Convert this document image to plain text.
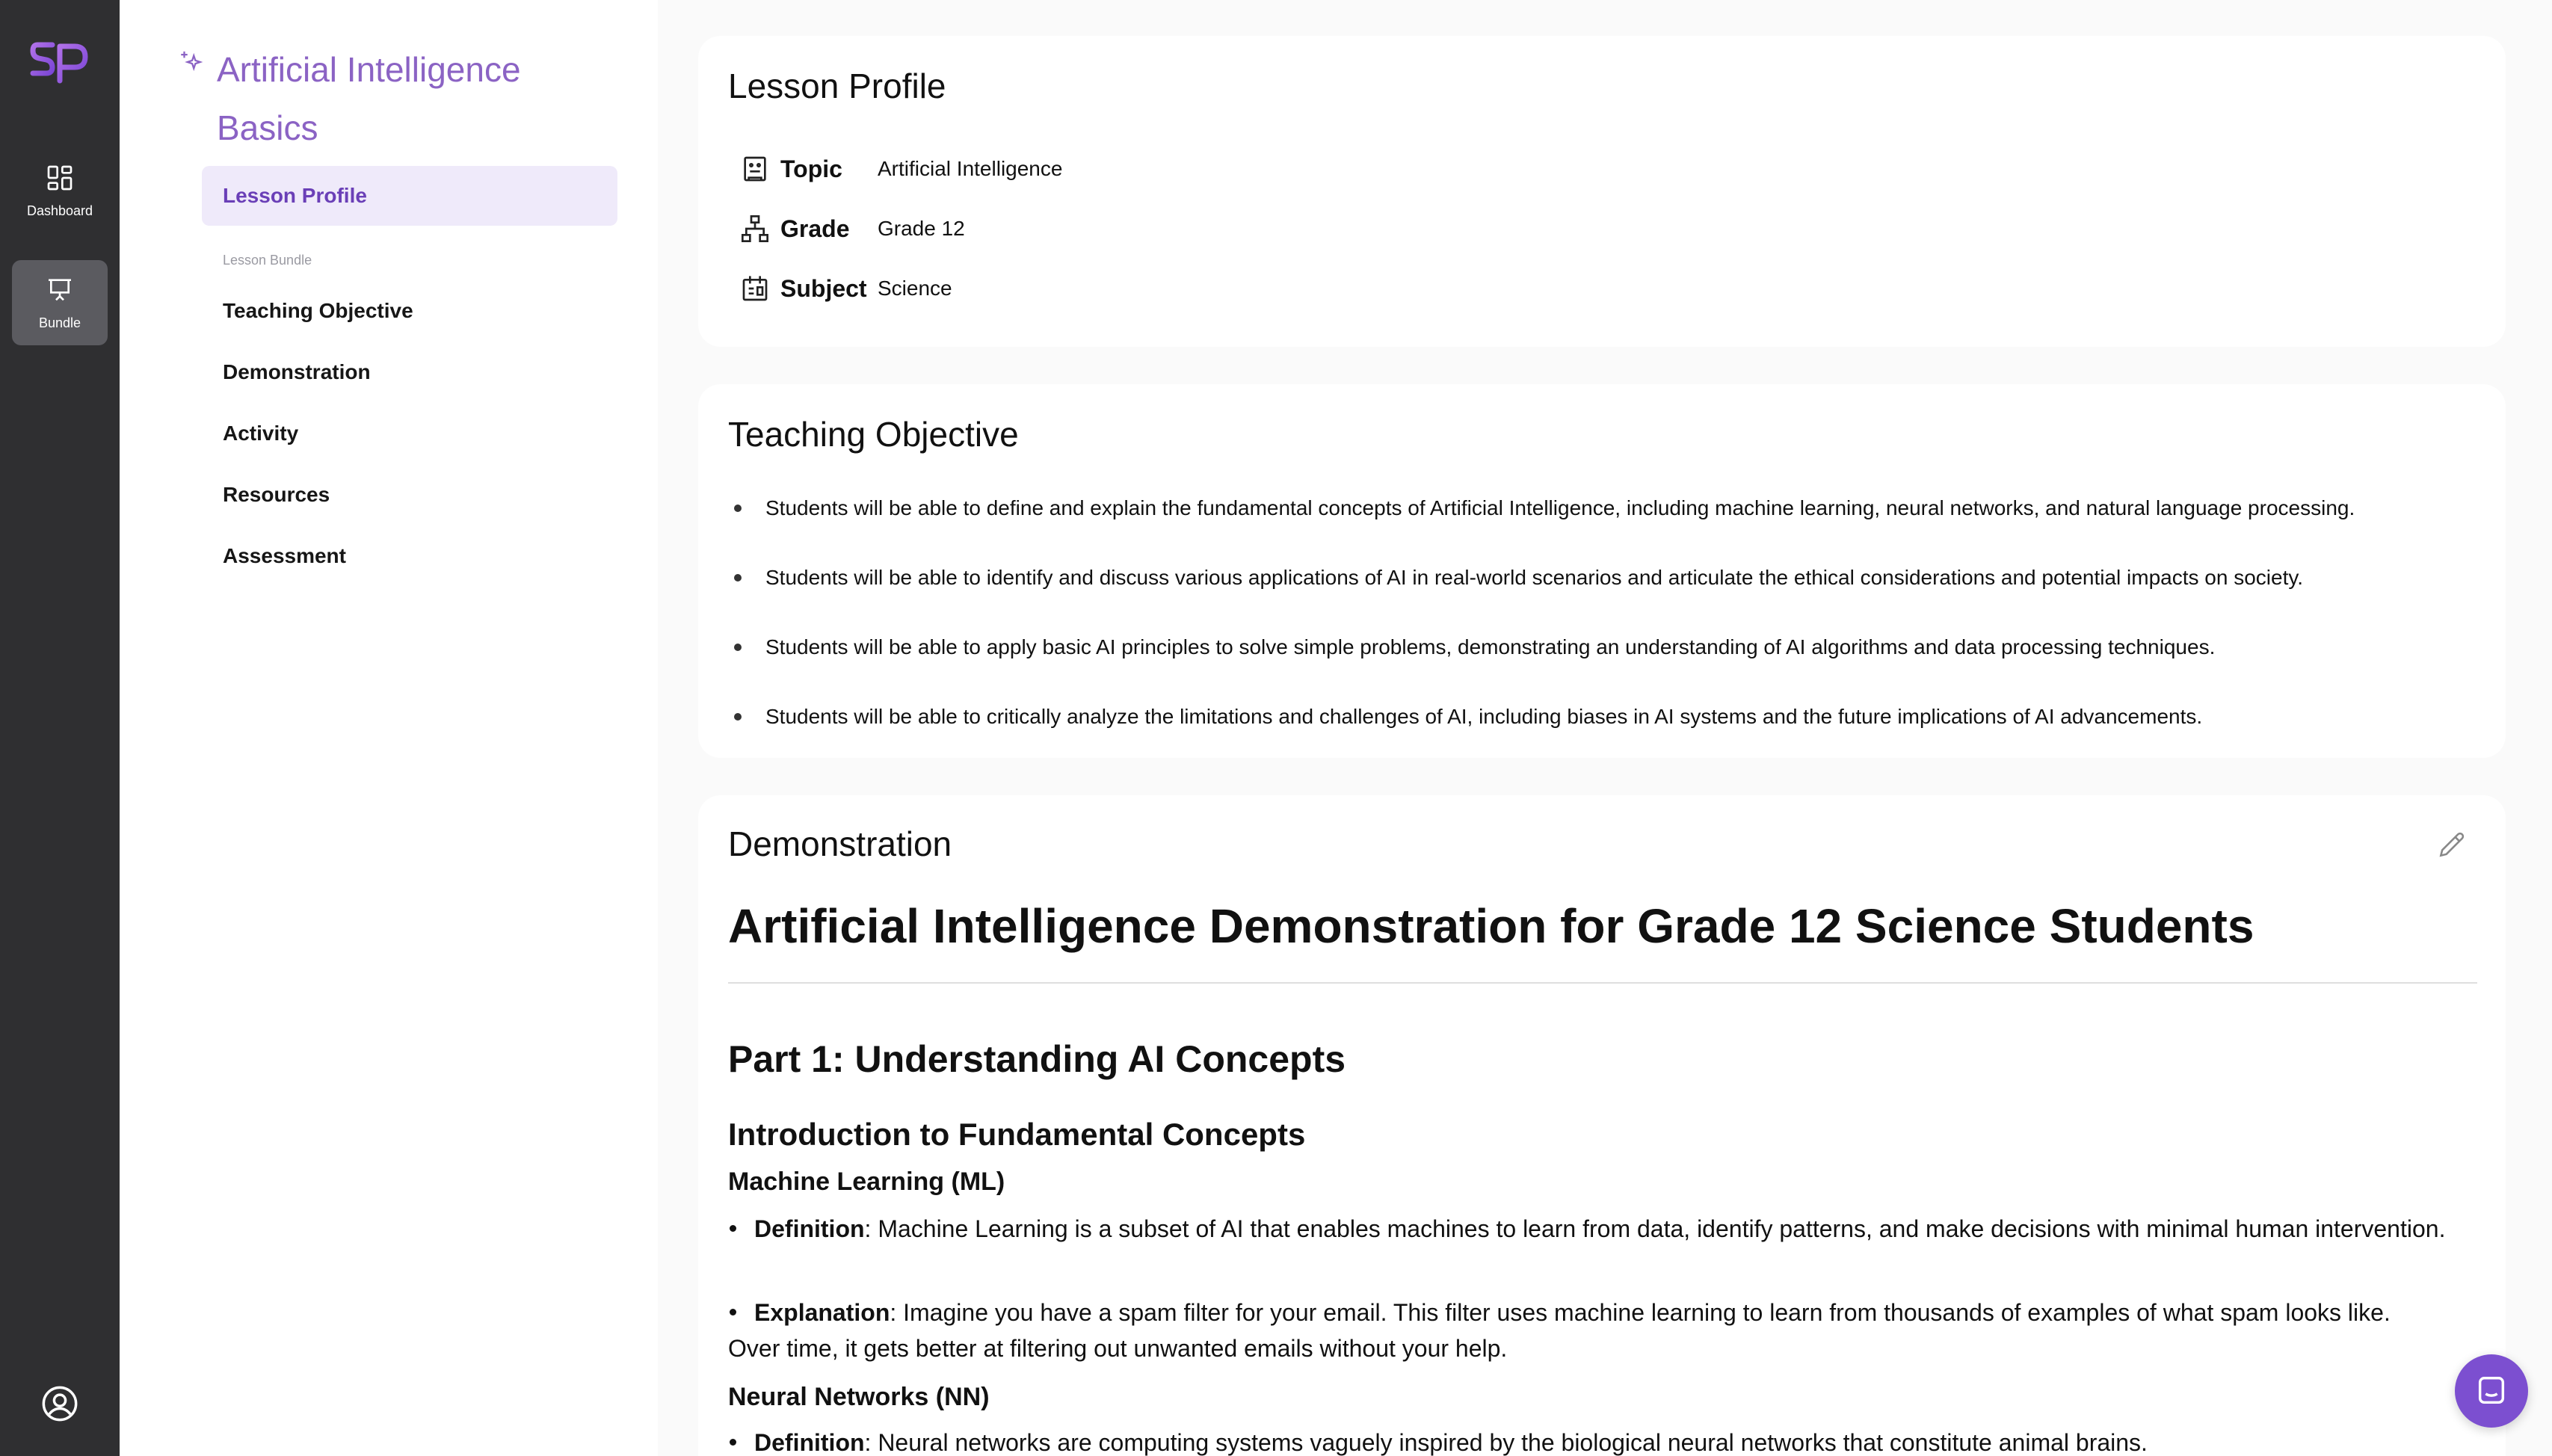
Dashboard
Bundle
Artificial Intelligence Basics
Lesson Profile
Lesson Bundle
Teaching Objective
Demonstration
Activity
Resources
Assessment
Lesson Profile
Topic	Artificial Intelligence
Grade	Grade 12
Subject Science
Teaching Objective
Students will be able to define and explain the fundamental concepts of Artificial Intelligence, including machine learning, neural networks, and natural language processing.
Students will be able to identify and discuss various applications of AI in real-world scenarios and articulate the ethical considerations and potential impacts on society.
Students will be able to apply basic AI principles to solve simple problems, demonstrating an understanding of AI algorithms and data processing techniques.
Students will be able to critically analyze the limitations and challenges of AI, including biases in AI systems and the future implications of AI advancements.
Demonstration
Artificial Intelligence Demonstration for Grade 12 Science Students
Part 1: Understanding AI Concepts
Introduction to Fundamental Concepts
Machine Learning (ML)
Definition: Machine Learning is a subset of AI that enables machines to learn from data, identify patterns, and make decisions with minimal human intervention.
Explanation: Imagine you have a spam filter for your email. This filter uses machine learning to learn from thousands of examples of what spam looks like. Over time, it gets better at filtering out unwanted emails without your help.
Neural Networks (NN)
Definition: Neural networks are computing systems vaguely inspired by the biological neural networks that constitute animal brains.
